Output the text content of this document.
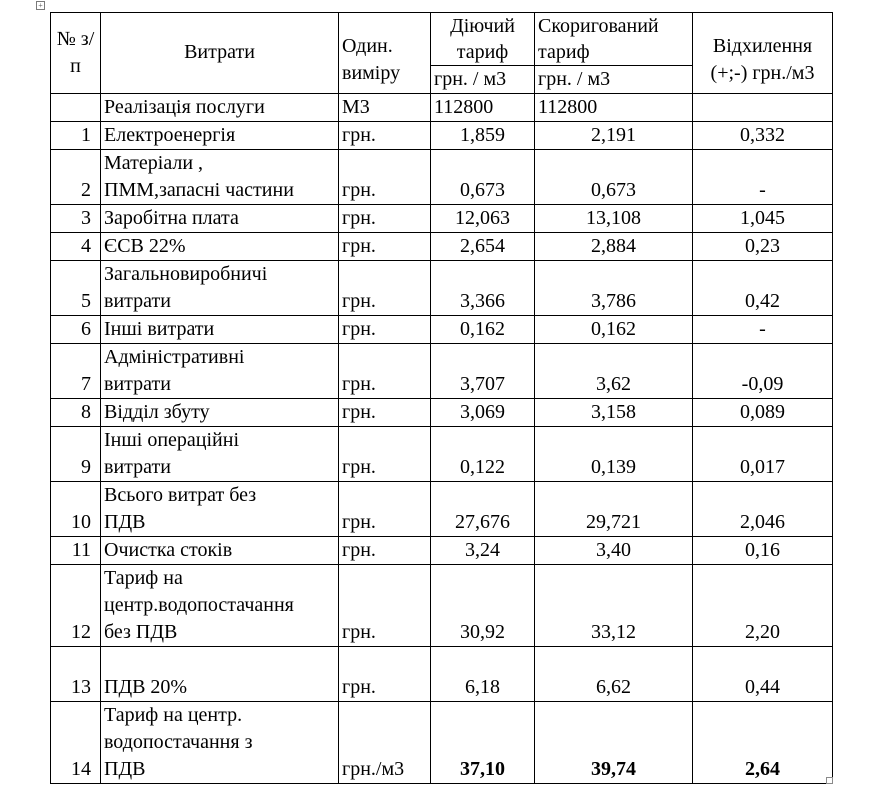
+
№ з/п	Витрати	Один. виміру	Діючий тариф	Скоригований тариф	Відхилення (+;-) грн./м3
			грн. / м3	грн. / м3	
	Реалізація послуги	М3	112800	112800	
1	Електроенергія	грн.	1,859	2,191	0,332
2	Матеріали ,
ПММ,запасні частини	грн.	0,673	0,673	-
3	Заробітна плата	грн.	12,063	13,108	1,045
4	ЄСВ 22%	грн.	2,654	2,884	0,23
5	Загальновиробничі
витрати	грн.	3,366	3,786	0,42
6	Інші витрати	грн.	0,162	0,162	-
7	Адміністративні
витрати	грн.	3,707	3,62	-0,09
8	Відділ збуту	грн.	3,069	3,158	0,089
9	Інші операційні
витрати	грн.	0,122	0,139	0,017
10	Всього витрат без
ПДВ	грн.	27,676	29,721	2,046
11	Очистка стоків	грн.	3,24	3,40	0,16
12	Тариф на
центр.водопостачання
без ПДВ	грн.	30,92	33,12	2,20
13	ПДВ 20%	грн.	6,18	6,62	0,44
14	Тариф на центр.
водопостачання з
ПДВ	грн./м3	37,10	39,74	2,64
